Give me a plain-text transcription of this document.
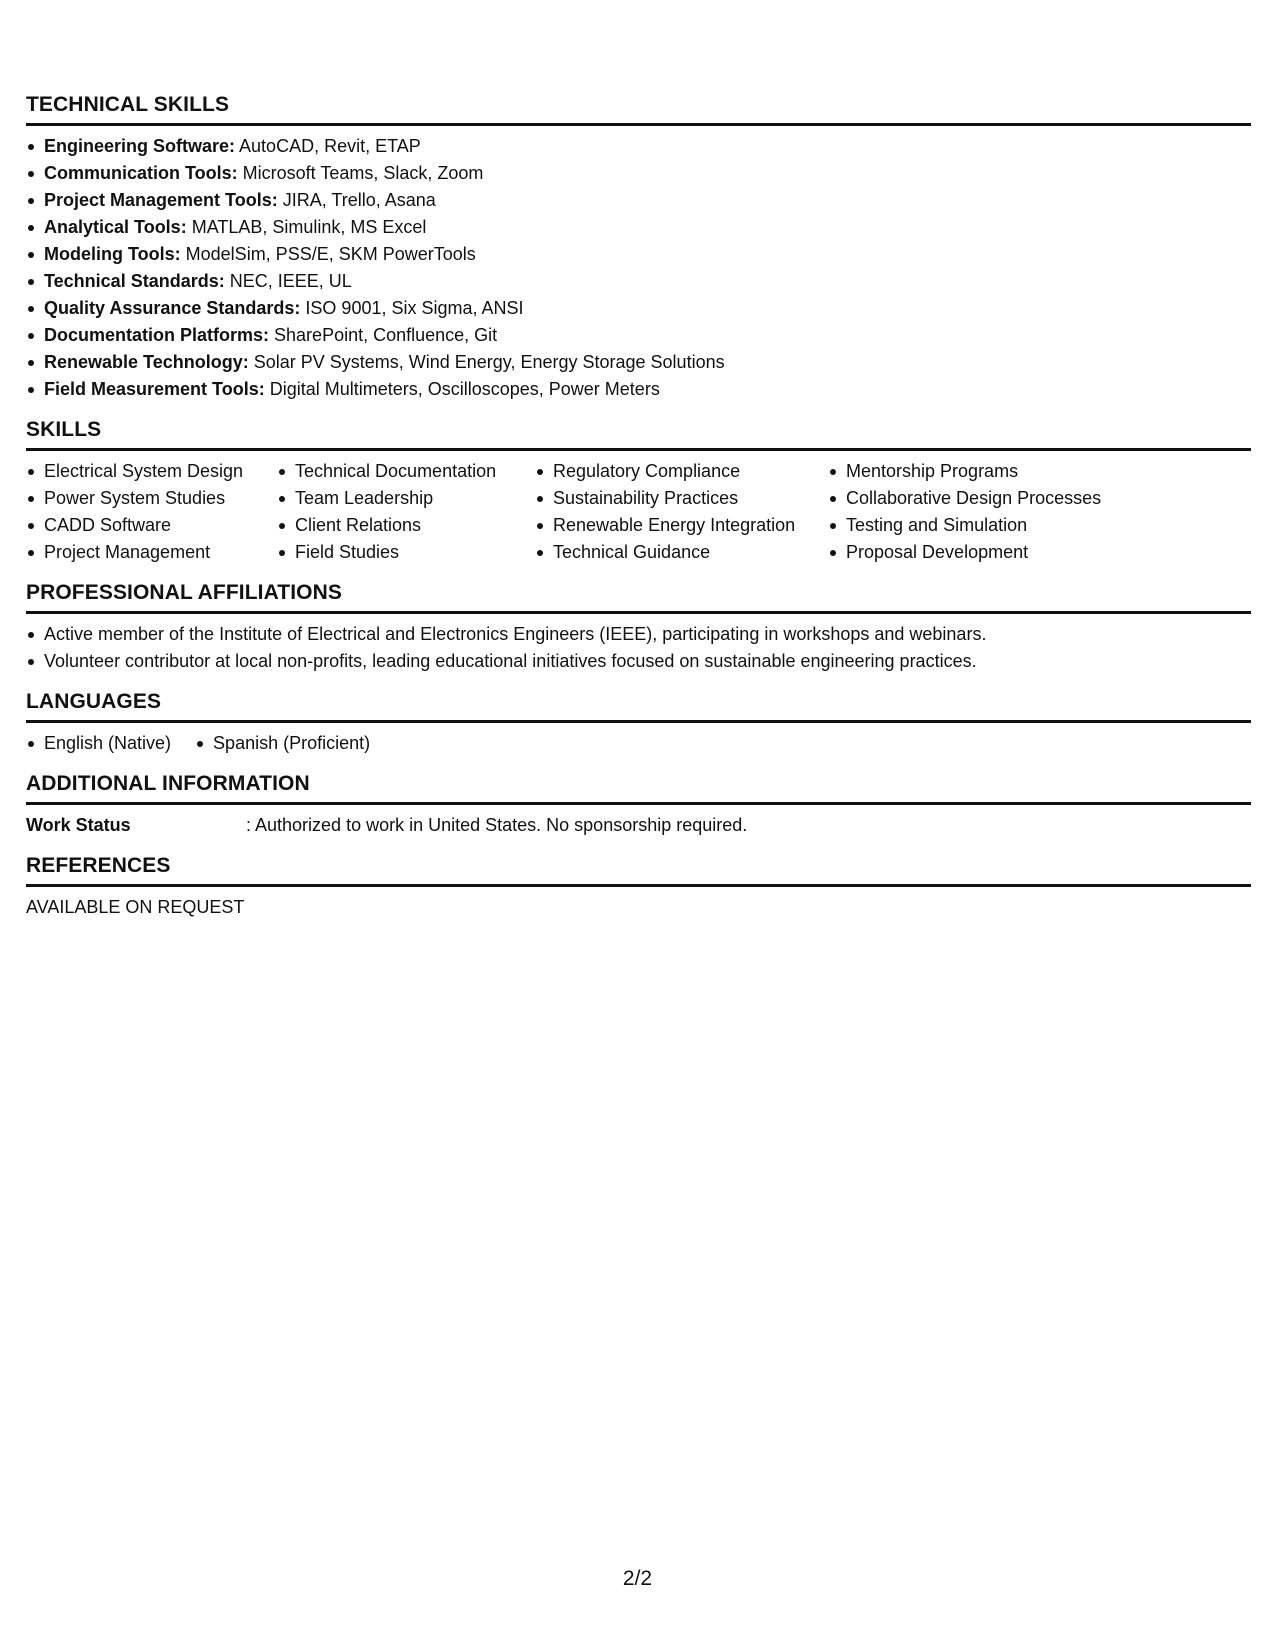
TECHNICAL SKILLS
Engineering Software: AutoCAD, Revit, ETAP
Communication Tools: Microsoft Teams, Slack, Zoom
Project Management Tools: JIRA, Trello, Asana
Analytical Tools: MATLAB, Simulink, MS Excel
Modeling Tools: ModelSim, PSS/E, SKM PowerTools
Technical Standards: NEC, IEEE, UL
Quality Assurance Standards: ISO 9001, Six Sigma, ANSI
Documentation Platforms: SharePoint, Confluence, Git
Renewable Technology: Solar PV Systems, Wind Energy, Energy Storage Solutions
Field Measurement Tools: Digital Multimeters, Oscilloscopes, Power Meters
SKILLS
Electrical System Design
Power System Studies
CADD Software
Project Management
Technical Documentation
Team Leadership
Client Relations
Field Studies
Regulatory Compliance
Sustainability Practices
Renewable Energy Integration
Technical Guidance
Mentorship Programs
Collaborative Design Processes
Testing and Simulation
Proposal Development
PROFESSIONAL AFFILIATIONS
Active member of the Institute of Electrical and Electronics Engineers (IEEE), participating in workshops and webinars.
Volunteer contributor at local non-profits, leading educational initiatives focused on sustainable engineering practices.
LANGUAGES
English (Native)	Spanish (Proficient)
ADDITIONAL INFORMATION
Work Status	: Authorized to work in United States. No sponsorship required.
REFERENCES
AVAILABLE ON REQUEST
2/2
